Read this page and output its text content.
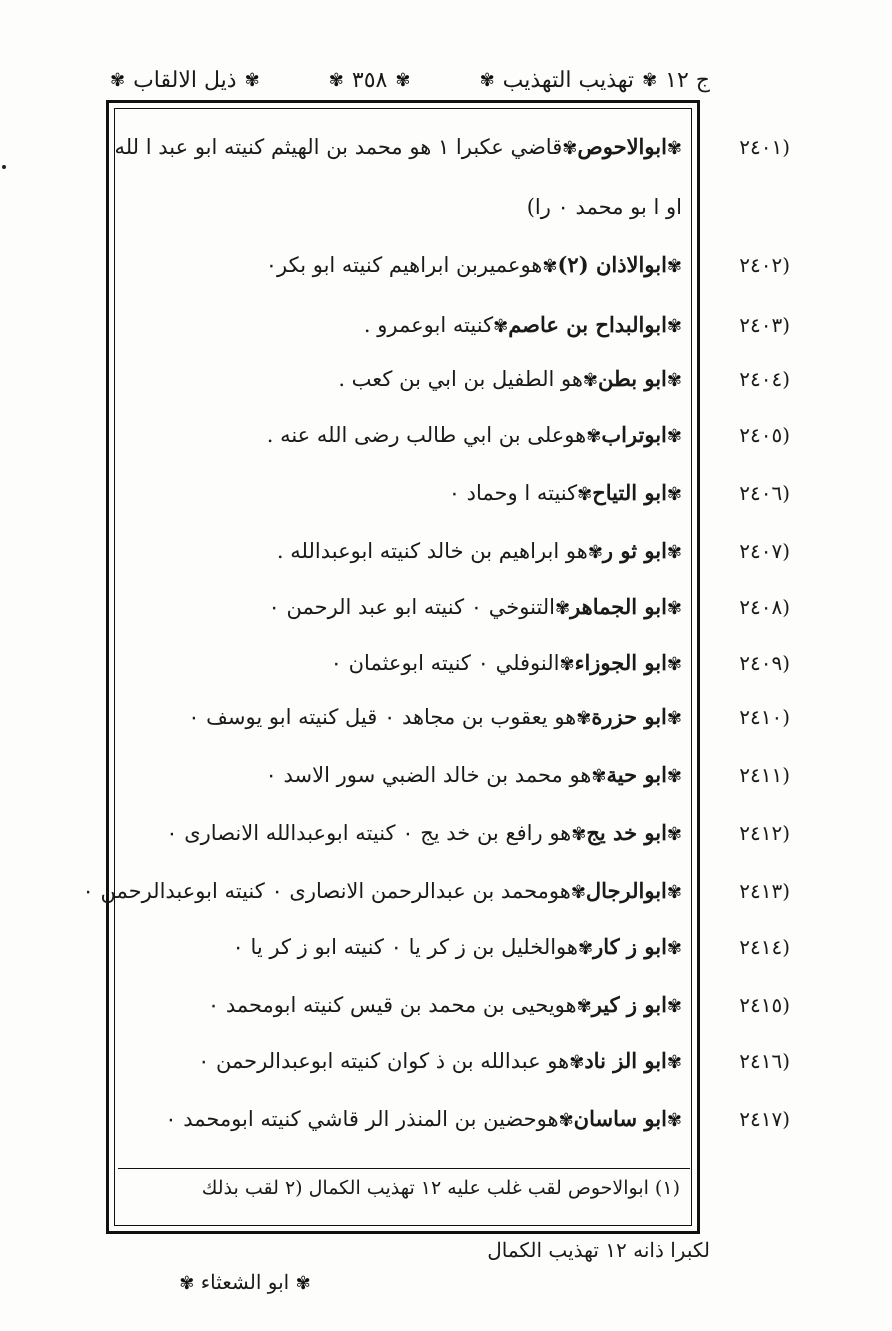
ج ١٢
✾
تهذيب التهذيب
✾
✾
٣٥٨
✾
✾
ذيل الالقاب
✾
✾ابوالاحوص✾قاضي عكبرا ١ هو محمد بن الهيثم كنيته ابو عبد ا لله	(٢٤٠١
او ا بو محمد ٠ را)
✾ابوالاذان (٢)✾هوعميربن ابراهيم كنيته ابو بكر٠	(٢٤٠٢
✾ابوالبداح بن عاصم✾كنيته ابوعمرو .	(٢٤٠٣
✾ابو بطن✾هو الطفيل بن ابي بن كعب .	(٢٤٠٤
✾ابوتراب✾هوعلى بن ابي طالب رضى الله عنه .	(٢٤٠٥
✾ابو التياح✾كنيته ا وحماد ٠	(٢٤٠٦
✾ابو ثو ر✾هو ابراهيم بن خالد كنيته ابوعبدالله .	(٢٤٠٧
✾ابو الجماهر✾التنوخي ٠ كنيته ابو عبد الرحمن ٠	(٢٤٠٨
✾ابو الجوزاء✾النوفلي ٠ كنيته ابوعثمان ٠	(٢٤٠٩
✾ابو حزرة✾هو يعقوب بن مجاهد ٠ قيل كنيته ابو يوسف ٠	(٢٤١٠
✾ابو حية✾هو محمد بن خالد الضبي سور الاسد ٠	(٢٤١١
✾ابو خد يج✾هو رافع بن خد يج ٠ كنيته ابوعبدالله الانصارى ٠	(٢٤١٢
✾ابوالرجال✾هومحمد بن عبدالرحمن الانصارى ٠ كنيته ابوعبدالرحمن ٠	(٢٤١٣
✾ابو ز كار✾هوالخليل بن ز كر يا ٠ كنيته ابو ز كر يا ٠	(٢٤١٤
✾ابو ز كير✾هويحيى بن محمد بن قيس كنيته ابومحمد ٠	(٢٤١٥
✾ابو الز ناد✾هو عبدالله بن ذ كوان كنيته ابوعبدالرحمن ٠	(٢٤١٦
✾ابو ساسان✾هوحضين بن المنذر الر قاشي كنيته ابومحمد ٠	(٢٤١٧
(١) ابوالاحوص لقب غلب عليه ١٢ تهذيب الكمال (٢ لقب بذلك
لكبرا ذانه ١٢ تهذيب الكمال
✾ ابو الشعثاء ✾
